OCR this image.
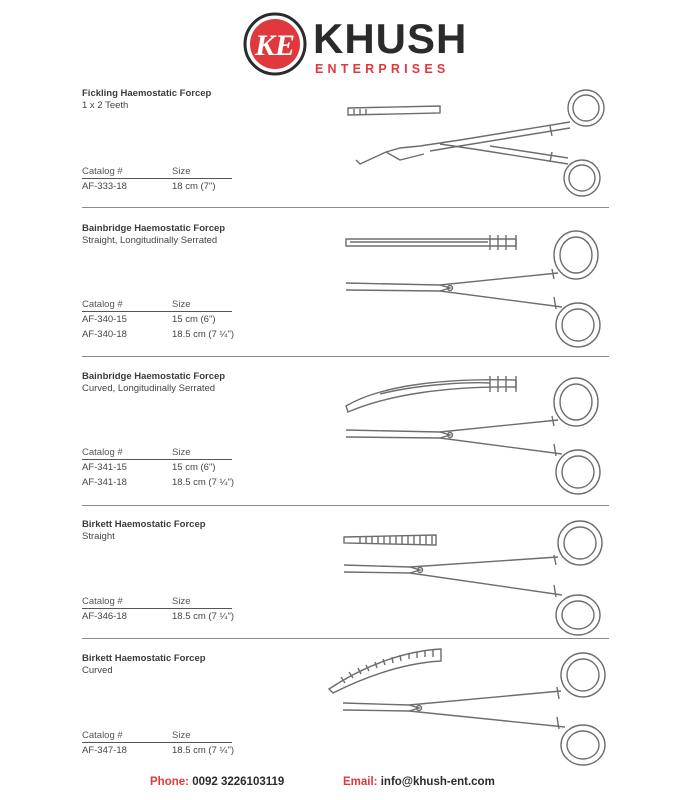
KE KHUSH
ENTERPRISES
Fickling Haemostatic Forcep
1 x 2 Teeth
Catalog #	Size
AF-333-18	18 cm (7")
Bainbridge Haemostatic Forcep
Straight, Longitudinally Serrated
Catalog #	Size
AF-340-15	15 cm (6")
AF-340-18	18.5 cm (7 ¼")
Bainbridge Haemostatic Forcep
Curved, Longitudinally Serrated
Catalog #	Size
AF-341-15	15 cm (6")
AF-341-18	18.5 cm (7 ¼")
Birkett Haemostatic Forcep
Straight
Catalog #	Size
AF-346-18	18.5 cm (7 ¼")
Birkett Haemostatic Forcep
Curved
Catalog #	Size
AF-347-18	18.5 cm (7 ¼")
Phone: 0092 3226103119	Email: info@khush-ent.com
